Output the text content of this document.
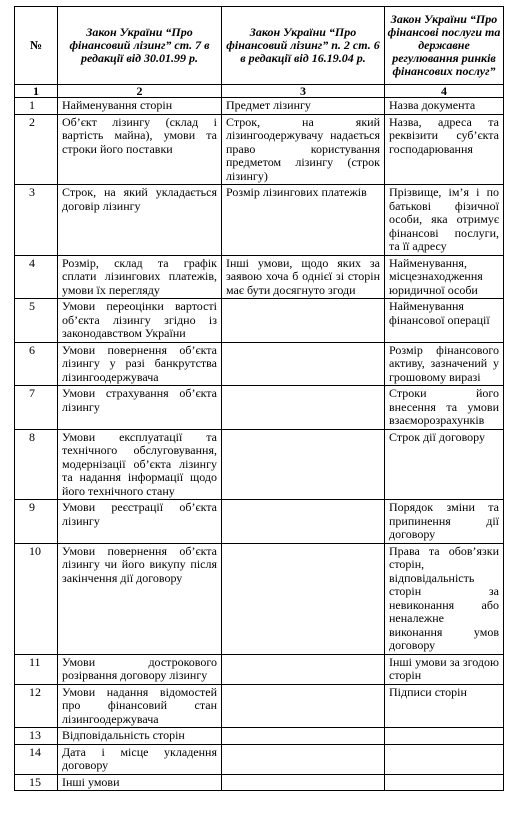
№	Закон України “Про фінансовий лізинг” ст. 7 в редакції від 30.01.99 р.	Закон України “Про фінансовий лізинг” п. 2 ст. 6 в редакції від 16.19.04 р.	Закон України “Про фінансові послуги та державне регулювання ринків фінансових послуг”
1	2	3	4
1	Найменування сторін	Предмет лізингу	Назва документа
2	Об’єкт лізингу (склад і вартість майна), умови та строки його поставки	Строк, на який лізингоодержувачу надається право користування предметом лізингу (строк лізингу)	Назва, адреса та реквізити суб’єкта господарювання
3	Строк, на який укладається договір лізингу	Розмір лізингових платежів	Прізвище, ім’я і по батькові фізичної особи, яка отримує фінансові послуги, та її адресу
4	Розмір, склад та графік сплати лізингових платежів, умови їх перегляду	Інші умови, щодо яких за заявою хоча б однієї зі сторін має бути досягнуто згоди	Найменування, місцезнаходження юридичної особи
5	Умови переоцінки вартості об’єкта лізингу згідно із законодавством України		Найменування фінансової операції
6	Умови повернення об’єкта лізингу у разі банкрутства лізингоодержувача		Розмір фінансового активу, зазначений у грошовому виразі
7	Умови страхування об’єкта лізингу		Строки його внесення та умови взаєморозрахунків
8	Умови експлуатації та технічного обслуговування, модернізації об’єкта лізингу та надання інформації щодо його технічного стану		Строк дії договору
9	Умови реєстрації об’єкта лізингу		Порядок зміни та припинення дії договору
10	Умови повернення об’єкта лізингу чи його викупу після закінчення дії договору		Права та обов’язки сторін, відповідальність сторін за невиконання або неналежне виконання умов договору
11	Умови дострокового розірвання договору лізингу		Інші умови за згодою сторін
12	Умови надання відомостей про фінансовий стан лізингоодержувача		Підписи сторін
13	Відповідальність сторін		
14	Дата і місце укладення договору		
15	Інші умови		
